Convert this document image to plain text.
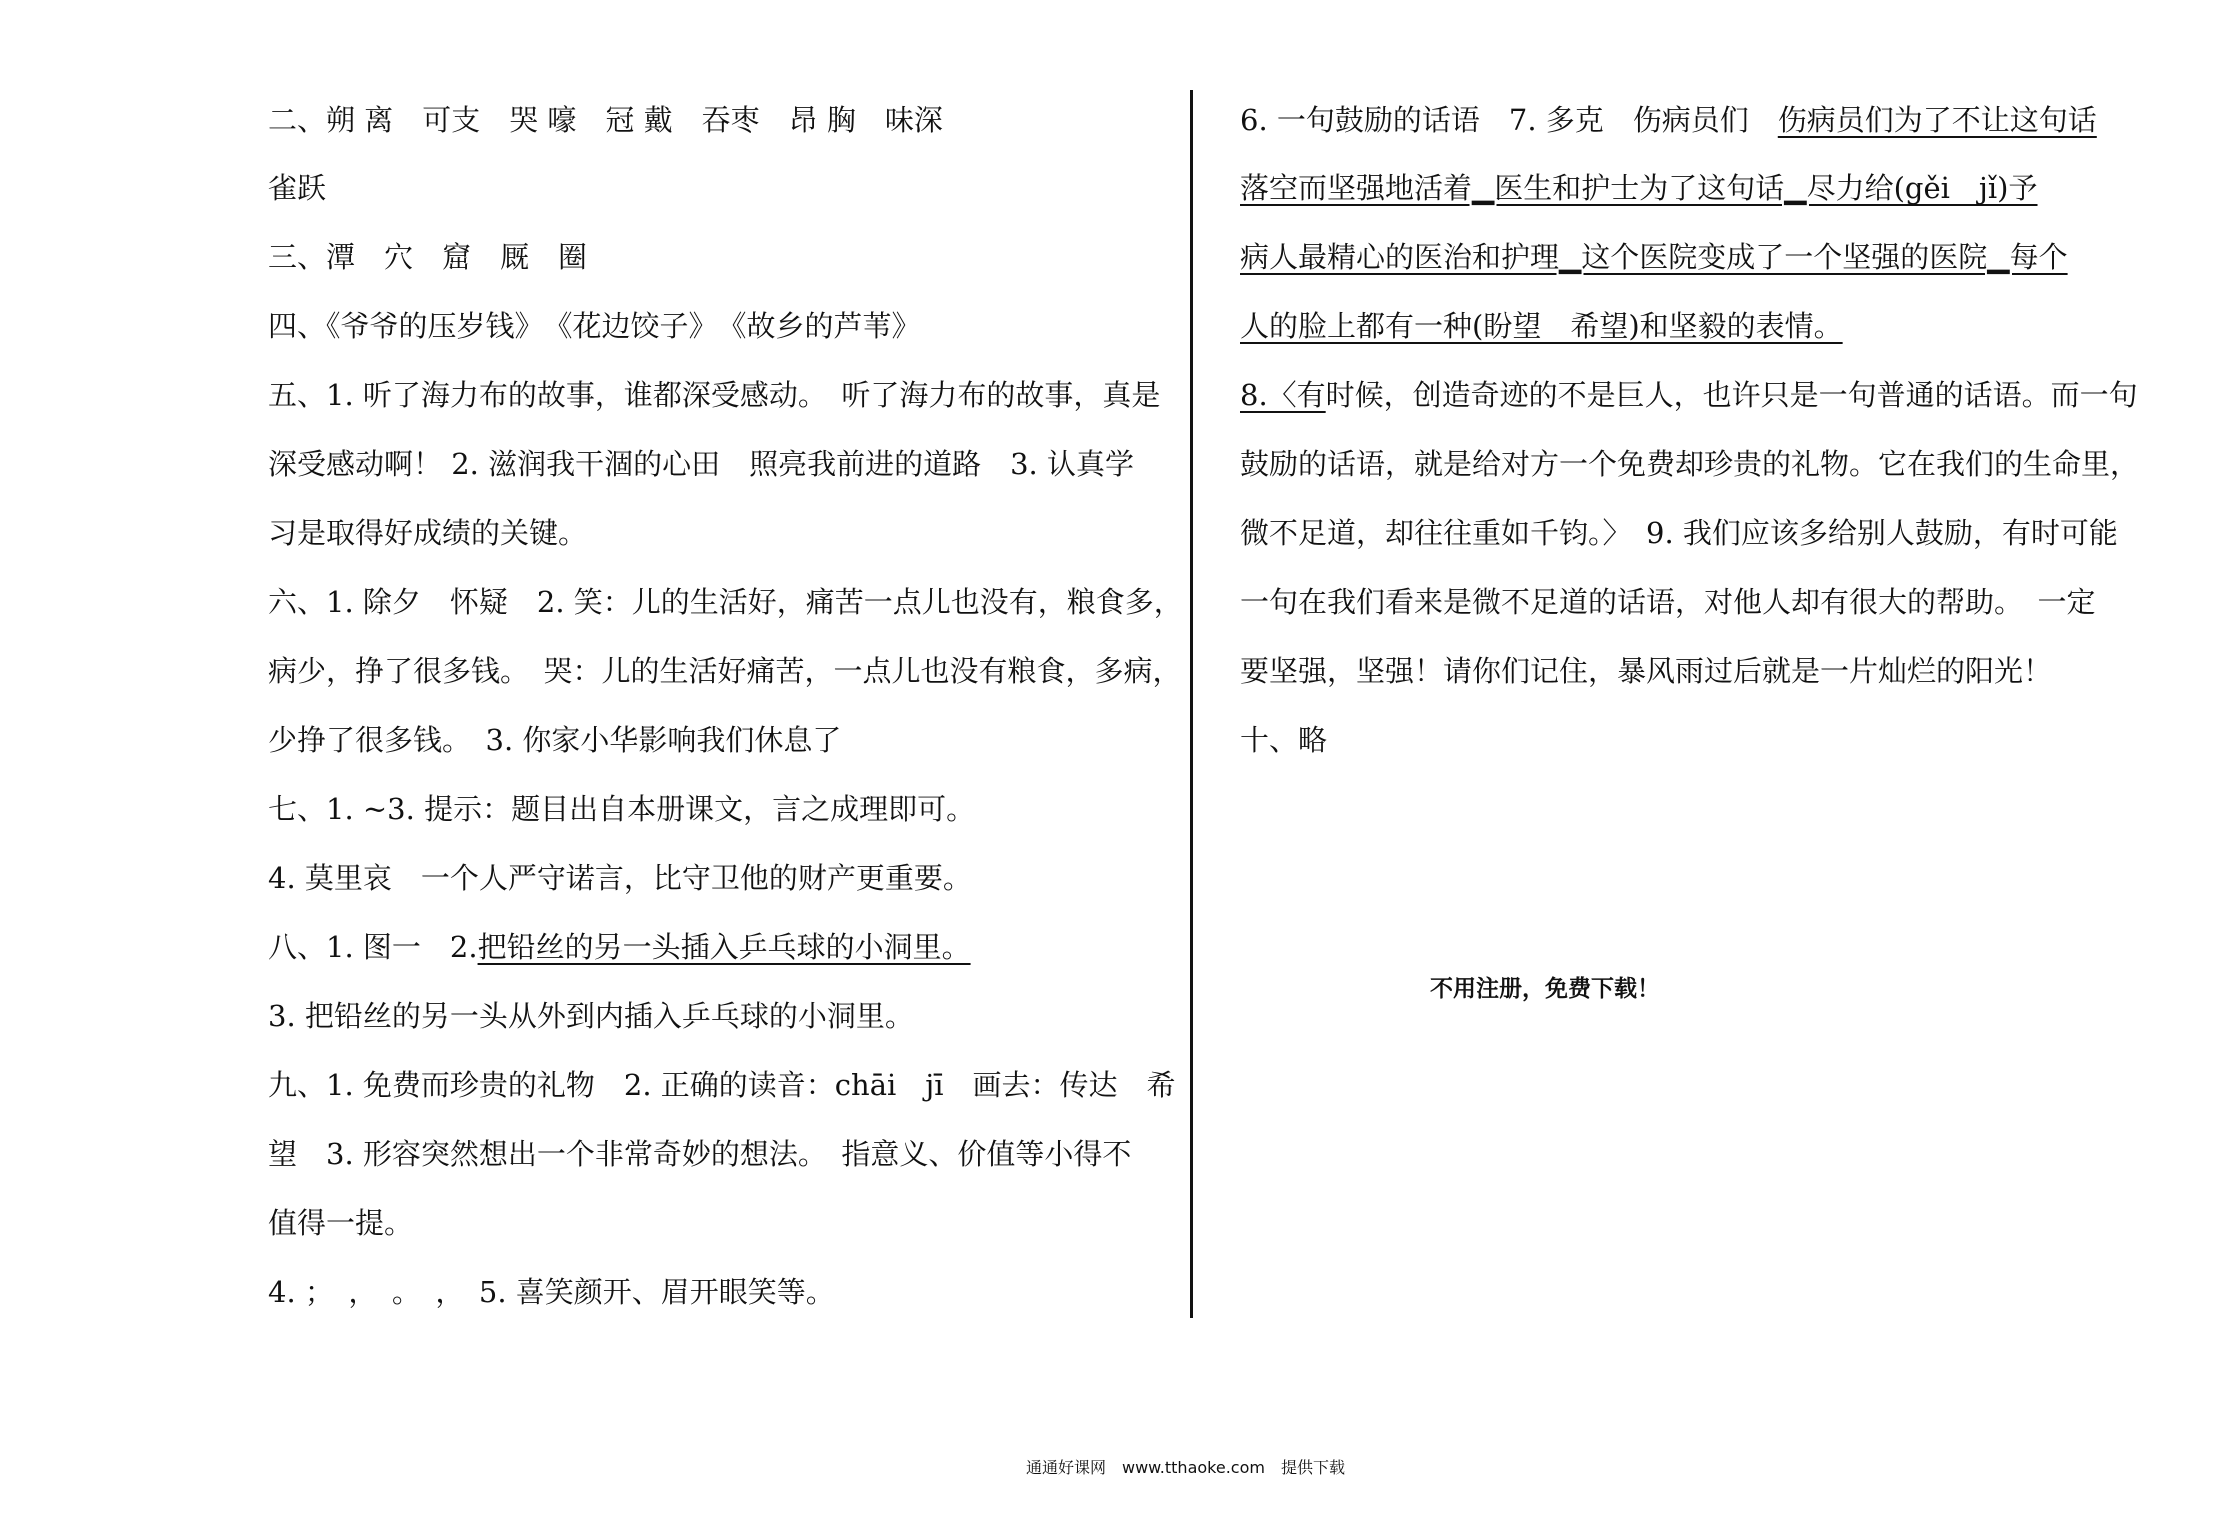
二、朔 离　可支　哭 嚎　冠 戴　吞枣　昂 胸　味深
雀跃
三、潭　穴　窟　厩　圈
四、《爷爷的压岁钱》　《花边饺子》　《故乡的芦苇》
五、1. 听了海力布的故事，谁都深受感动。　听了海力布的故事，真是
深受感动啊！ 2. 滋润我干涸的心田　照亮我前进的道路　3. 认真学
习是取得好成绩的关键。
六、1. 除夕　怀疑　2. 笑：儿的生活好，痛苦一点儿也没有，粮食多，
病少，挣了很多钱。　哭：儿的生活好痛苦，一点儿也没有粮食，多病，
少挣了很多钱。　3. 你家小华影响我们休息了
七、1. ~3. 提示：题目出自本册课文，言之成理即可。
4. 莫里哀　一个人严守诺言，比守卫他的财产更重要。
八、1. 图一　2.把铅丝的另一头插入乒乓球的小洞里。
3. 把铅丝的另一头从外到内插入乒乓球的小洞里。
九、1. 免费而珍贵的礼物　2. 正确的读音：chāi　jī　画去：传达　希
望　3. 形容突然想出一个非常奇妙的想法。　指意义、价值等小得不
值得一提。
4. ；　，　。　，　5. 喜笑颜开、眉开眼笑等。
6. 一句鼓励的话语　7. 多克　伤病员们　伤病员们为了不让这句话
落空而坚强地活着▁医生和护士为了这句话▁尽力给(gěi　jǐ)予
病人最精心的医治和护理▁这个医院变成了一个坚强的医院▁每个
人的脸上都有一种(盼望　希望)和坚毅的表情。
8.〈有时候，创造奇迹的不是巨人，也许只是一句普通的话语。而一句
鼓励的话语，就是给对方一个免费却珍贵的礼物。它在我们的生命里，
微不足道，却往往重如千钧。〉　9. 我们应该多给别人鼓励，有时可能
一句在我们看来是微不足道的话语，对他人却有很大的帮助。　一定
要坚强，坚强！请你们记住，暴风雨过后就是一片灿烂的阳光！
十、略
不用注册，免费下载！
通通好课网　www.tthaoke.com　提供下载
